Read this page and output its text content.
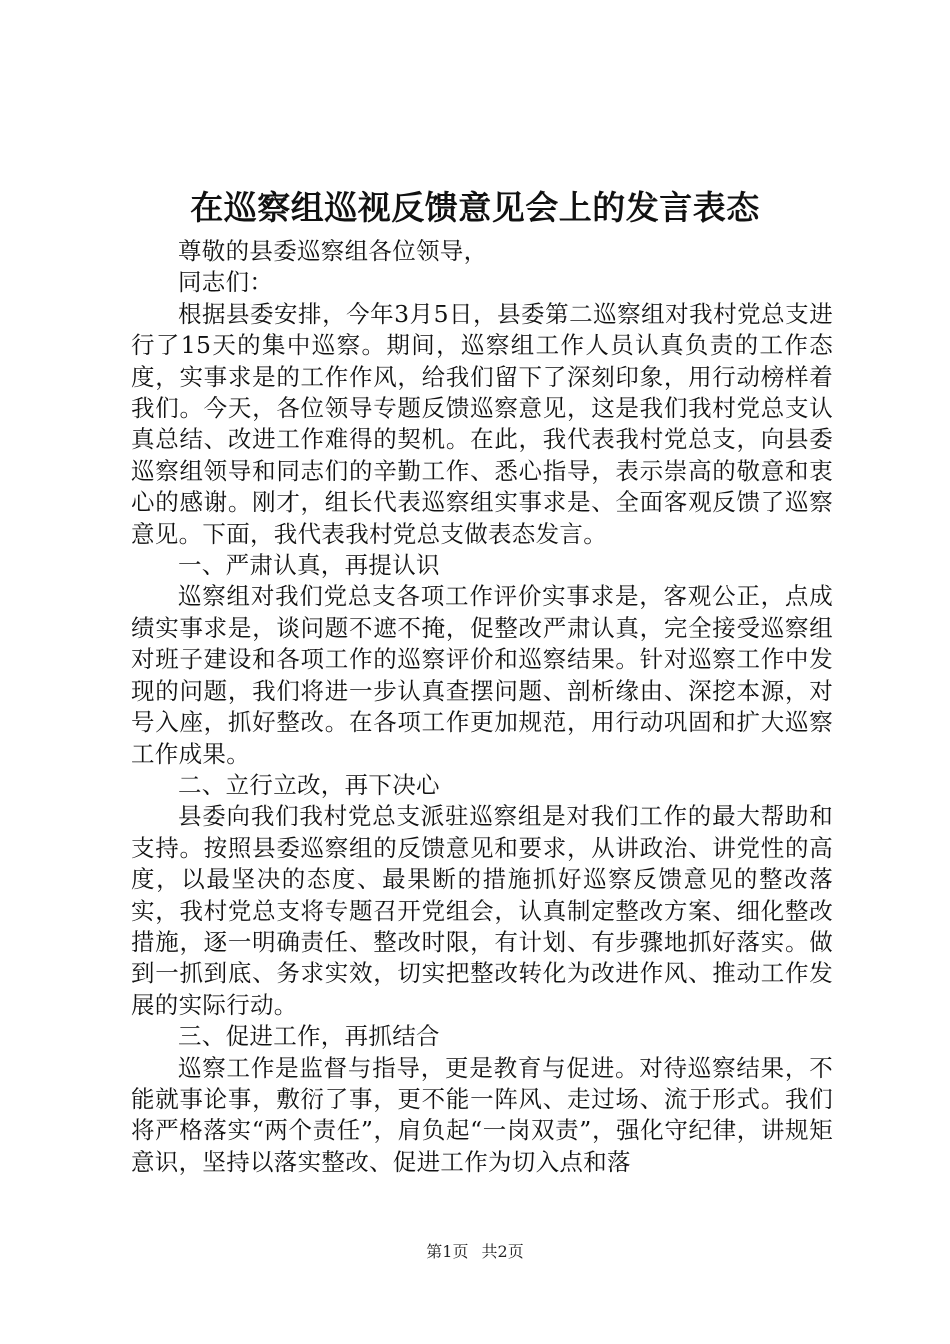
在巡察组巡视反馈意见会上的发言表态

尊敬的县委巡察组各位领导，

同志们：

根据县委安排，今年3月5日，县委第二巡察组对我村党总支进行了15天的集中巡察。期间，巡察组工作人员认真负责的工作态度，实事求是的工作作风，给我们留下了深刻印象，用行动榜样着我们。今天，各位领导专题反馈巡察意见，这是我们我村党总支认真总结、改进工作难得的契机。在此，我代表我村党总支，向县委巡察组领导和同志们的辛勤工作、悉心指导，表示崇高的敬意和衷心的感谢。刚才，组长代表巡察组实事求是、全面客观反馈了巡察意见。下面，我代表我村党总支做表态发言。

一、严肃认真，再提认识

巡察组对我们党总支各项工作评价实事求是，客观公正，点成绩实事求是，谈问题不遮不掩，促整改严肃认真，完全接受巡察组对班子建设和各项工作的巡察评价和巡察结果。针对巡察工作中发现的问题，我们将进一步认真查摆问题、剖析缘由、深挖本源，对号入座，抓好整改。在各项工作更加规范，用行动巩固和扩大巡察工作成果。

二、立行立改，再下决心

县委向我们我村党总支派驻巡察组是对我们工作的最大帮助和支持。按照县委巡察组的反馈意见和要求，从讲政治、讲党性的高度，以最坚决的态度、最果断的措施抓好巡察反馈意见的整改落实，我村党总支将专题召开党组会，认真制定整改方案、细化整改措施，逐一明确责任、整改时限，有计划、有步骤地抓好落实。做到一抓到底、务求实效，切实把整改转化为改进作风、推动工作发展的实际行动。

三、促进工作，再抓结合

巡察工作是监督与指导，更是教育与促进。对待巡察结果，不能就事论事，敷衍了事，更不能一阵风、走过场、流于形式。我们将严格落实“两个责任”，肩负起“一岗双责”，强化守纪律，讲规矩意识，坚持以落实整改、促进工作为切入点和落

第1页 共2页
